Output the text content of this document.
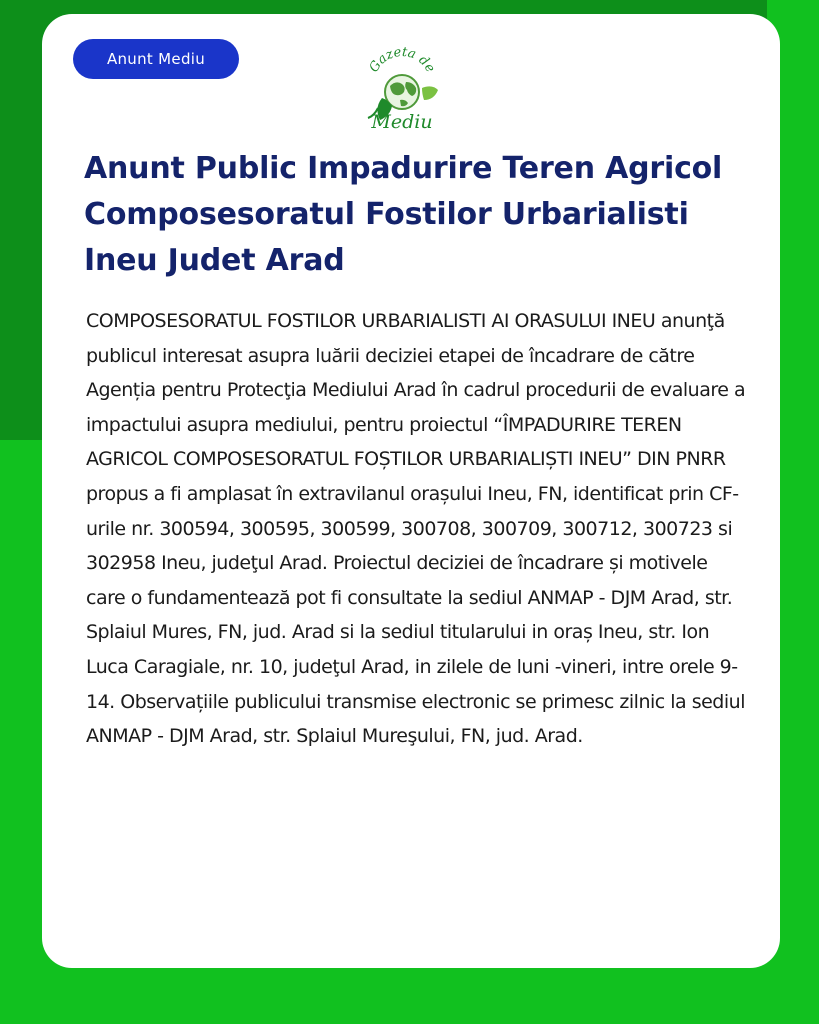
Anunt Mediu	Gazeta de
Mediu
Anunt Public Impadurire Teren Agricol Composesoratul Fostilor Urbarialisti Ineu Judet Arad

COMPOSESORATUL FOSTILOR URBARIALISTI AI ORASULUI INEU anunţă publicul interesat asupra luării deciziei etapei de încadrare de către Agenția pentru Protecţia Mediului Arad în cadrul procedurii de evaluare a impactului asupra mediului, pentru proiectul “ÎMPADURIRE TEREN AGRICOL COMPOSESORATUL FOȘTILOR URBARIALIȘTI INEU” DIN PNRR propus a fi amplasat în extravilanul orașului Ineu, FN, identificat prin CF-urile nr. 300594, 300595, 300599, 300708, 300709, 300712, 300723 si 302958 Ineu, judeţul Arad. Proiectul deciziei de încadrare și motivele care o fundamentează pot fi consultate la sediul ANMAP - DJM Arad, str. Splaiul Mures, FN, jud. Arad si la sediul titularului in oraș Ineu, str. Ion Luca Caragiale, nr. 10, judeţul Arad, in zilele de luni -vineri, intre orele 9-14. Observațiile publicului transmise electronic se primesc zilnic la sediul ANMAP - DJM Arad, str. Splaiul Mureşului, FN, jud. Arad.
